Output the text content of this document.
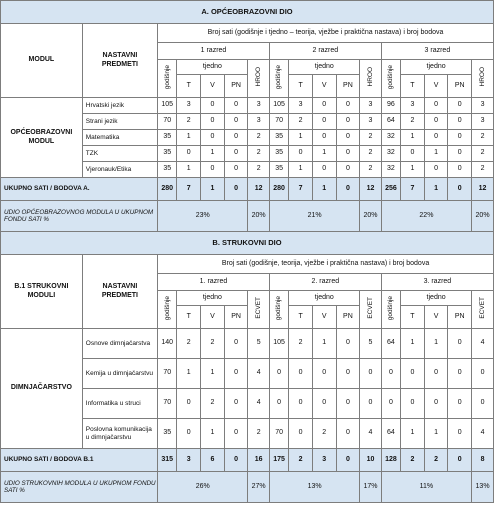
A. OPĆEOBRAZOVNI DIO																
MODUL	NASTAVNI PREDMETI	Broj sati (godišnje i tjedno – teorija, vježbe i praktična nastava) i broj bodova														
		1 razred					2 razred					3 razred				
		godišnje	tjedno			HROO	godišnje	tjedno			HROO	godišnje	tjedno			HROO
			T	V	PN			T	V	PN			T	V	PN	
OPĆEOBRAZOVNI MODUL	Hrvatski jezik	105	3	0	0	3	105	3	0	0	3	96	3	0	0	3
	Strani jezik	70	2	0	0	3	70	2	0	0	3	64	2	0	0	3
	Matematika	35	1	0	0	2	35	1	0	0	2	32	1	0	0	2
	TZK	35	0	1	0	2	35	0	1	0	2	32	0	1	0	2
	Vjeronauk/Etika	35	1	0	0	2	35	1	0	0	2	32	1	0	0	2
UKUPNO SATI / BODOVA A.		280	7	1	0	12	280	7	1	0	12	256	7	1	0	12
UDIO OPĆEOBRAZOVNOG MODULA U UKUPNOM FONDU SATI %		23%				20%	21%				20%	22%				20%
B. STRUKOVNI DIO																
B.1 STRUKOVNI MODULI	NASTAVNI PREDMETI	Broj sati (godišnje, teorija, vježbe i praktična nastava) i broj bodova														
		1. razred					2. razred					3. razred				
		godišnje	tjedno			ECVET	godišnje	tjedno			ECVET	godišnje	tjedno			ECVET
			T	V	PN			T	V	PN			T	V	PN	
DIMNJAČARSTVO	Osnove dimnjačarstva	140	2	2	0	5	105	2	1	0	5	64	1	1	0	4
	Kemija u dimnjačarstvu	70	1	1	0	4	0	0	0	0	0	0	0	0	0	0
	Informatika u struci	70	0	2	0	4	0	0	0	0	0	0	0	0	0	0
	Poslovna komunikacija u dimnjačarstvu	35	0	1	0	2	70	0	2	0	4	64	1	1	0	4
UKUPNO SATI / BODOVA B.1		315	3	6	0	16	175	2	3	0	10	128	2	2	0	8
UDIO STRUKOVNIH MODULA U UKUPNOM FONDU SATI %		26%				27%	13%				17%	11%				13%
